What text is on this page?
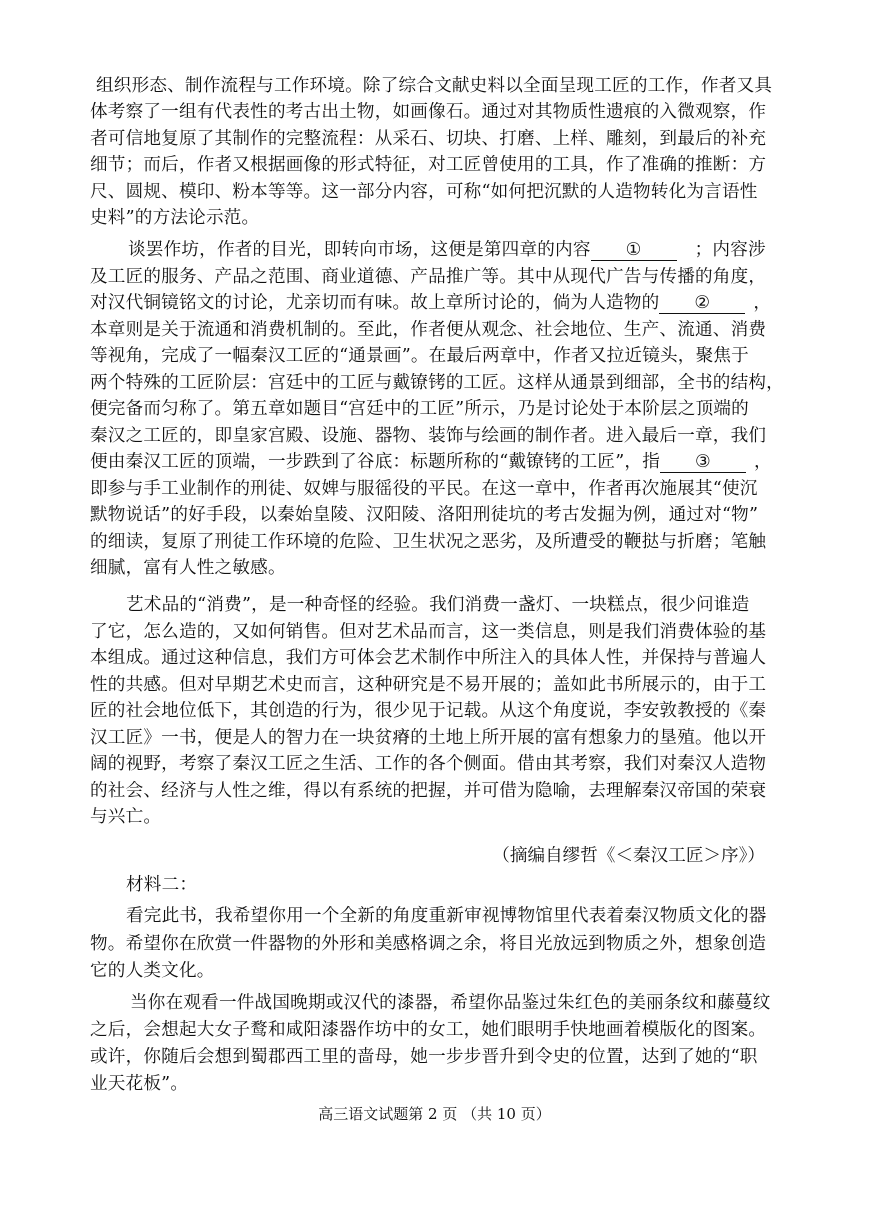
组织形态、制作流程与工作环境。除了综合文献史料以全面呈现工匠的工作，作者又具
体考察了一组有代表性的考古出土物，如画像石。通过对其物质性遗痕的入微观察，作
者可信地复原了其制作的完整流程：从采石、切块、打磨、上样、雕刻，到最后的补充
细节；而后，作者又根据画像的形式特征，对工匠曾使用的工具，作了准确的推断：方
尺、圆规、模印、粉本等等。这一部分内容，可称“如何把沉默的人造物转化为言语性
史料”的方法论示范。
谈罢作坊，作者的目光，即转向市场，这便是第四章的内容 ①	；内容涉
及工匠的服务、产品之范围、商业道德、产品推广等。其中从现代广告与传播的角度，
对汉代铜镜铭文的讨论，尤亲切而有味。故上章所讨论的，倘为人造物的 ② ，
本章则是关于流通和消费机制的。至此，作者便从观念、社会地位、生产、流通、消费
等视角，完成了一幅秦汉工匠的“通景画”。在最后两章中，作者又拉近镜头，聚焦于
两个特殊的工匠阶层：宫廷中的工匠与戴镣铐的工匠。这样从通景到细部，全书的结构，
便完备而匀称了。第五章如题目“宫廷中的工匠”所示，乃是讨论处于本阶层之顶端的
秦汉之工匠的，即皇家宫殿、设施、器物、装饰与绘画的制作者。进入最后一章，我们
便由秦汉工匠的顶端，一步跌到了谷底：标题所称的“戴镣铐的工匠”，指 ③ ，
即参与手工业制作的刑徒、奴婢与服徭役的平民。在这一章中，作者再次施展其“使沉
默物说话”的好手段，以秦始皇陵、汉阳陵、洛阳刑徒坑的考古发掘为例，通过对“物”
的细读，复原了刑徒工作环境的危险、卫生状况之恶劣，及所遭受的鞭挞与折磨；笔触
细腻，富有人性之敏感。
艺术品的“消费”，是一种奇怪的经验。我们消费一盏灯、一块糕点，很少问谁造
了它，怎么造的，又如何销售。但对艺术品而言，这一类信息，则是我们消费体验的基
本组成。通过这种信息，我们方可体会艺术制作中所注入的具体人性，并保持与普遍人
性的共感。但对早期艺术史而言，这种研究是不易开展的；盖如此书所展示的，由于工
匠的社会地位低下，其创造的行为，很少见于记载。从这个角度说，李安敦教授的《秦
汉工匠》一书，便是人的智力在一块贫瘠的土地上所开展的富有想象力的垦殖。他以开
阔的视野，考察了秦汉工匠之生活、工作的各个侧面。借由其考察，我们对秦汉人造物
的社会、经济与人性之维，得以有系统的把握，并可借为隐喻，去理解秦汉帝国的荣衰
与兴亡。
（摘编自缪哲《＜秦汉工匠＞序》）
材料二：
看完此书，我希望你用一个全新的角度重新审视博物馆里代表着秦汉物质文化的器
物。希望你在欣赏一件器物的外形和美感格调之余，将目光放远到物质之外，想象创造
它的人类文化。
当你在观看一件战国晚期或汉代的漆器，希望你品鉴过朱红色的美丽条纹和藤蔓纹
之后，会想起大女子鹜和咸阳漆器作坊中的女工，她们眼明手快地画着模版化的图案。
或许，你随后会想到蜀郡西工里的啬母，她一步步晋升到令史的位置，达到了她的“职
业天花板”。
高三语文试题第 2 页 （共 10 页）
